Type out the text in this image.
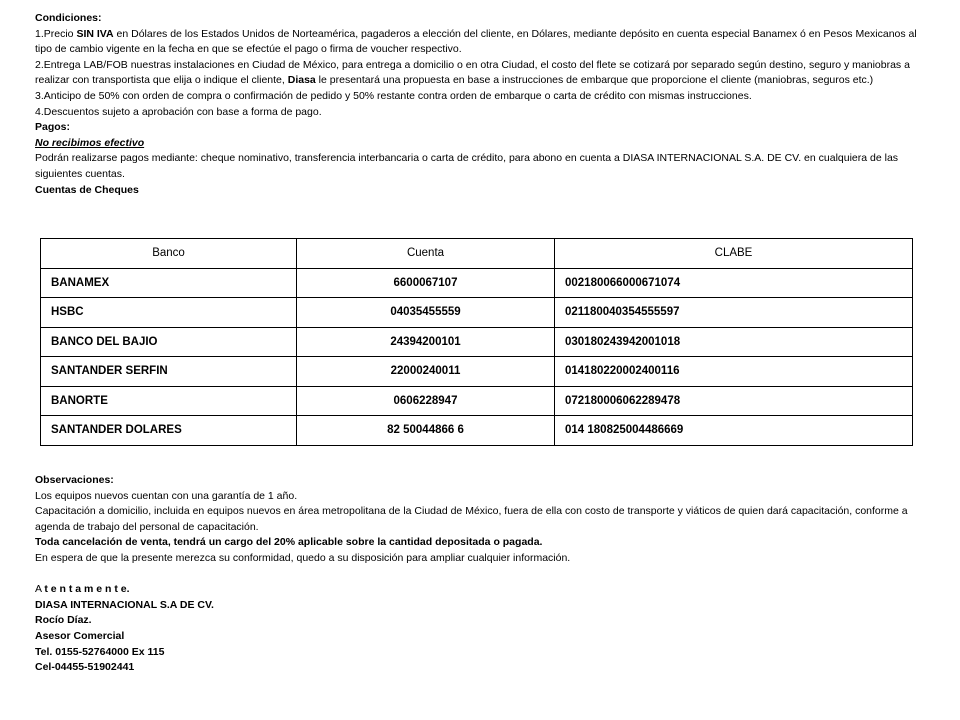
Condiciones:

1.Precio SIN IVA en Dólares de los Estados Unidos de Norteamérica, pagaderos a elección del cliente, en Dólares, mediante depósito en cuenta especial Banamex ó en Pesos Mexicanos al tipo de cambio vigente en la fecha en que se efectúe el pago o firma de voucher respectivo.

2.Entrega LAB/FOB nuestras instalaciones en Ciudad de México, para entrega a domicilio o en otra Ciudad, el costo del flete se cotizará por separado según destino, seguro y maniobras a realizar con transportista que elija o indique el cliente, Diasa le presentará una propuesta en base a instrucciones de embarque que proporcione el cliente (maniobras, seguros etc.)

3.Anticipo de 50% con orden de compra o confirmación de pedido y 50% restante contra orden de embarque o carta de crédito con mismas instrucciones.

4.Descuentos sujeto a aprobación con base a forma de pago.

Pagos:

No recibimos efectivo

Podrán realizarse pagos mediante: cheque nominativo, transferencia interbancaria o carta de crédito, para abono en cuenta a DIASA INTERNACIONAL S.A. DE CV. en cualquiera de las siguientes cuentas.

Cuentas de Cheques

Banco	Cuenta	CLABE
BANAMEX	6600067107	002180066000671074
HSBC	04035455559	021180040354555597
BANCO DEL BAJIO	24394200101	030180243942001018
SANTANDER SERFIN	22000240011	014180220002400116
BANORTE	0606228947	072180006062289478
SANTANDER DOLARES	82 50044866 6	014 180825004486669

Observaciones:

Los equipos nuevos cuentan con una garantía de 1 año.

Capacitación a domicilio, incluida en equipos nuevos en área metropolitana de la Ciudad de México, fuera de ella con costo de transporte y viáticos de quien dará capacitación, conforme a agenda de trabajo del personal de capacitación.

Toda cancelación de venta, tendrá un cargo del 20% aplicable sobre la cantidad depositada o pagada.

En espera de que la presente merezca su conformidad, quedo a su disposición para ampliar cualquier información.

A t e n t a m e n t e.

DIASA INTERNACIONAL S.A DE CV.

Rocío Díaz.

Asesor Comercial

Tel. 0155-52764000 Ex 115

Cel-04455-51902441
